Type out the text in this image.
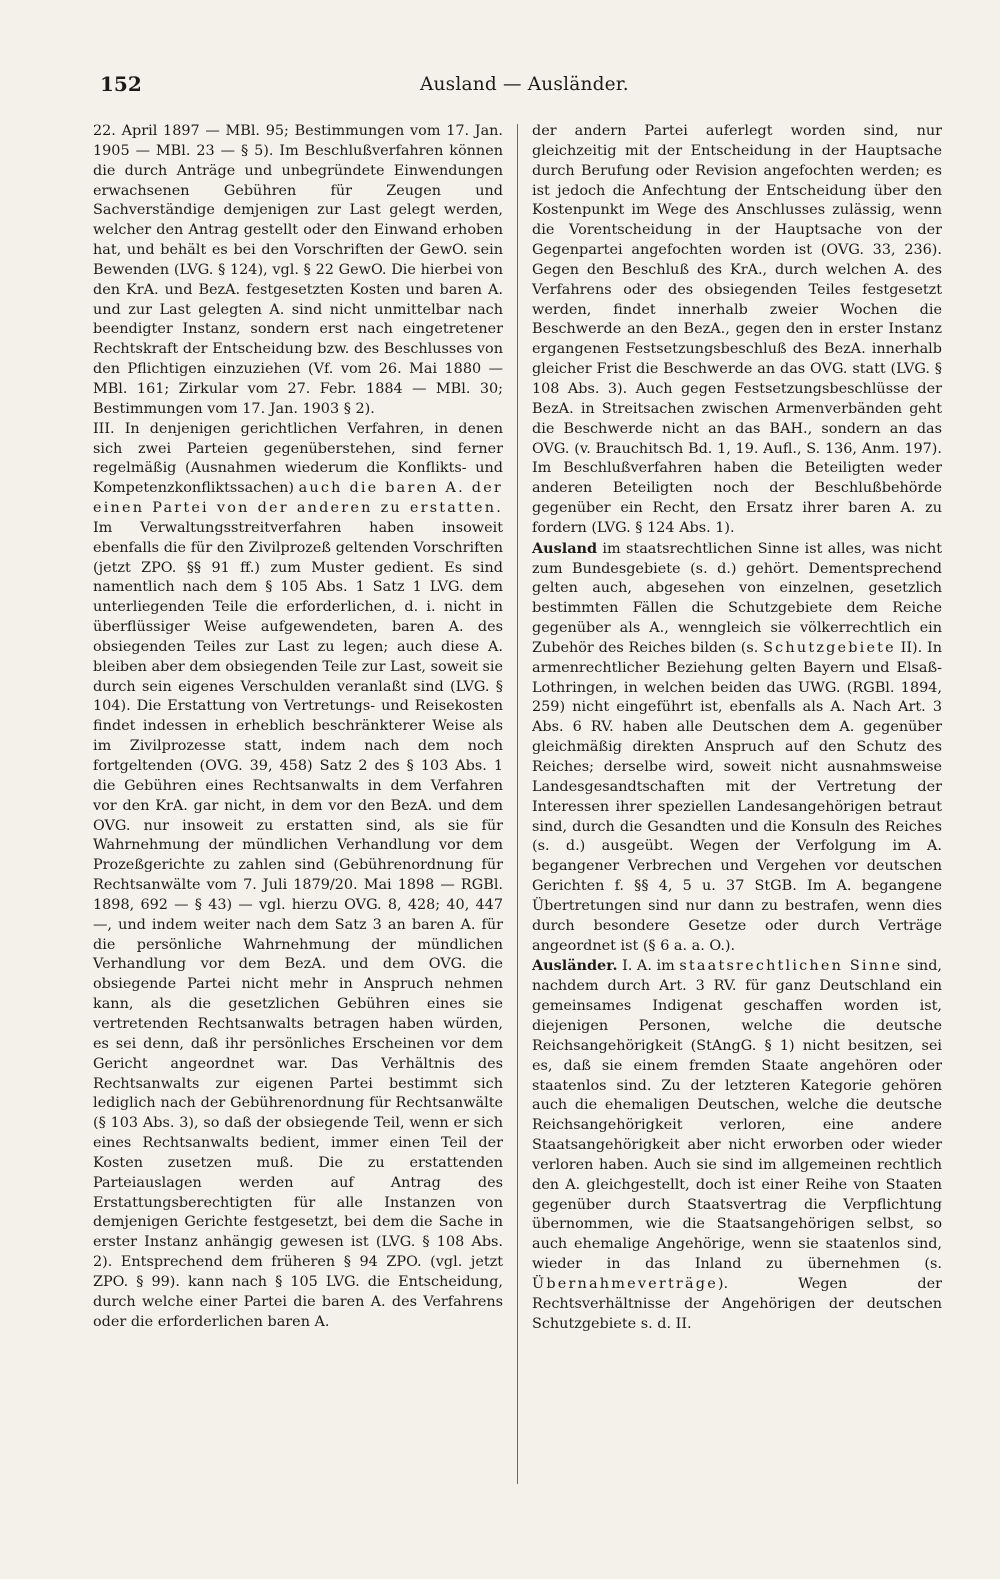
152	Ausland — Ausländer.

22. April 1897 — MBl. 95; Bestimmungen vom 17. Jan. 1905 — MBl. 23 — § 5). Im Beschlußverfahren können die durch Anträge und unbegründete Einwendungen erwachsenen Gebühren für Zeugen und Sachverständige demjenigen zur Last gelegt werden, welcher den Antrag gestellt oder den Einwand erhoben hat, und behält es bei den Vorschriften der GewO. sein Bewenden (LVG. § 124), vgl. § 22 GewO. Die hierbei von den KrA. und BezA. festgesetzten Kosten und baren A. und zur Last gelegten A. sind nicht unmittelbar nach beendigter Instanz, sondern erst nach eingetretener Rechtskraft der Entscheidung bzw. des Beschlusses von den Pflichtigen einzuziehen (Vf. vom 26. Mai 1880 — MBl. 161; Zirkular vom 27. Febr. 1884 — MBl. 30; Bestimmungen vom 17. Jan. 1903 § 2).

III. In denjenigen gerichtlichen Verfahren, in denen sich zwei Parteien gegenüberstehen, sind ferner regelmäßig (Ausnahmen wiederum die Konflikts- und Kompetenzkonfliktssachen) auch die baren A. der einen Partei von der anderen zu erstatten. Im Verwaltungsstreitverfahren haben insoweit ebenfalls die für den Zivilprozeß geltenden Vorschriften (jetzt ZPO. §§ 91 ff.) zum Muster gedient. Es sind namentlich nach dem § 105 Abs. 1 Satz 1 LVG. dem unterliegenden Teile die erforderlichen, d. i. nicht in überflüssiger Weise aufgewendeten, baren A. des obsiegenden Teiles zur Last zu legen; auch diese A. bleiben aber dem obsiegenden Teile zur Last, soweit sie durch sein eigenes Verschulden veranlaßt sind (LVG. § 104). Die Erstattung von Vertretungs- und Reisekosten findet indessen in erheblich beschränkterer Weise als im Zivilprozesse statt, indem nach dem noch fortgeltenden (OVG. 39, 458) Satz 2 des § 103 Abs. 1 die Gebühren eines Rechtsanwalts in dem Verfahren vor den KrA. gar nicht, in dem vor den BezA. und dem OVG. nur insoweit zu erstatten sind, als sie für Wahrnehmung der mündlichen Verhandlung vor dem Prozeßgerichte zu zahlen sind (Gebührenordnung für Rechtsanwälte vom 7. Juli 1879/20. Mai 1898 — RGBl. 1898, 692 — § 43) — vgl. hierzu OVG. 8, 428; 40, 447 —, und indem weiter nach dem Satz 3 an baren A. für die persönliche Wahrnehmung der mündlichen Verhandlung vor dem BezA. und dem OVG. die obsiegende Partei nicht mehr in Anspruch nehmen kann, als die gesetzlichen Gebühren eines sie vertretenden Rechtsanwalts betragen haben würden, es sei denn, daß ihr persönliches Erscheinen vor dem Gericht angeordnet war. Das Verhältnis des Rechtsanwalts zur eigenen Partei bestimmt sich lediglich nach der Gebührenordnung für Rechtsanwälte (§ 103 Abs. 3), so daß der obsiegende Teil, wenn er sich eines Rechtsanwalts bedient, immer einen Teil der Kosten zusetzen muß. Die zu erstattenden Parteiauslagen werden auf Antrag des Erstattungsberechtigten für alle Instanzen von demjenigen Gerichte festgesetzt, bei dem die Sache in erster Instanz anhängig gewesen ist (LVG. § 108 Abs. 2). Entsprechend dem früheren § 94 ZPO. (vgl. jetzt ZPO. § 99). kann nach § 105 LVG. die Entscheidung, durch welche einer Partei die baren A. des Verfahrens oder die erforderlichen baren A.

der andern Partei auferlegt worden sind, nur gleichzeitig mit der Entscheidung in der Hauptsache durch Berufung oder Revision angefochten werden; es ist jedoch die Anfechtung der Entscheidung über den Kostenpunkt im Wege des Anschlusses zulässig, wenn die Vorentscheidung in der Hauptsache von der Gegenpartei angefochten worden ist (OVG. 33, 236). Gegen den Beschluß des KrA., durch welchen A. des Verfahrens oder des obsiegenden Teiles festgesetzt werden, findet innerhalb zweier Wochen die Beschwerde an den BezA., gegen den in erster Instanz ergangenen Festsetzungsbeschluß des BezA. innerhalb gleicher Frist die Beschwerde an das OVG. statt (LVG. § 108 Abs. 3). Auch gegen Festsetzungsbeschlüsse der BezA. in Streitsachen zwischen Armenverbänden geht die Beschwerde nicht an das BAH., sondern an das OVG. (v. Brauchitsch Bd. 1, 19. Aufl., S. 136, Anm. 197). Im Beschlußverfahren haben die Beteiligten weder anderen Beteiligten noch der Beschlußbehörde gegenüber ein Recht, den Ersatz ihrer baren A. zu fordern (LVG. § 124 Abs. 1).

Ausland im staatsrechtlichen Sinne ist alles, was nicht zum Bundesgebiete (s. d.) gehört. Dementsprechend gelten auch, abgesehen von einzelnen, gesetzlich bestimmten Fällen die Schutzgebiete dem Reiche gegenüber als A., wenngleich sie völkerrechtlich ein Zubehör des Reiches bilden (s. Schutzgebiete II). In armenrechtlicher Beziehung gelten Bayern und Elsaß-Lothringen, in welchen beiden das UWG. (RGBl. 1894, 259) nicht eingeführt ist, ebenfalls als A. Nach Art. 3 Abs. 6 RV. haben alle Deutschen dem A. gegenüber gleichmäßig direkten Anspruch auf den Schutz des Reiches; derselbe wird, soweit nicht ausnahmsweise Landesgesandtschaften mit der Vertretung der Interessen ihrer speziellen Landesangehörigen betraut sind, durch die Gesandten und die Konsuln des Reiches (s. d.) ausgeübt. Wegen der Verfolgung im A. begangener Verbrechen und Vergehen vor deutschen Gerichten f. §§ 4, 5 u. 37 StGB. Im A. begangene Übertretungen sind nur dann zu bestrafen, wenn dies durch besondere Gesetze oder durch Verträge angeordnet ist (§ 6 a. a. O.).

Ausländer. I. A. im staatsrechtlichen Sinne sind, nachdem durch Art. 3 RV. für ganz Deutschland ein gemeinsames Indigenat geschaffen worden ist, diejenigen Personen, welche die deutsche Reichsangehörigkeit (StAngG. § 1) nicht besitzen, sei es, daß sie einem fremden Staate angehören oder staatenlos sind. Zu der letzteren Kategorie gehören auch die ehemaligen Deutschen, welche die deutsche Reichsangehörigkeit verloren, eine andere Staatsangehörigkeit aber nicht erworben oder wieder verloren haben. Auch sie sind im allgemeinen rechtlich den A. gleichgestellt, doch ist einer Reihe von Staaten gegenüber durch Staatsvertrag die Verpflichtung übernommen, wie die Staatsangehörigen selbst, so auch ehemalige Angehörige, wenn sie staatenlos sind, wieder in das Inland zu übernehmen (s. Übernahmeverträge). Wegen der Rechtsverhältnisse der Angehörigen der deutschen Schutzgebiete s. d. II.
